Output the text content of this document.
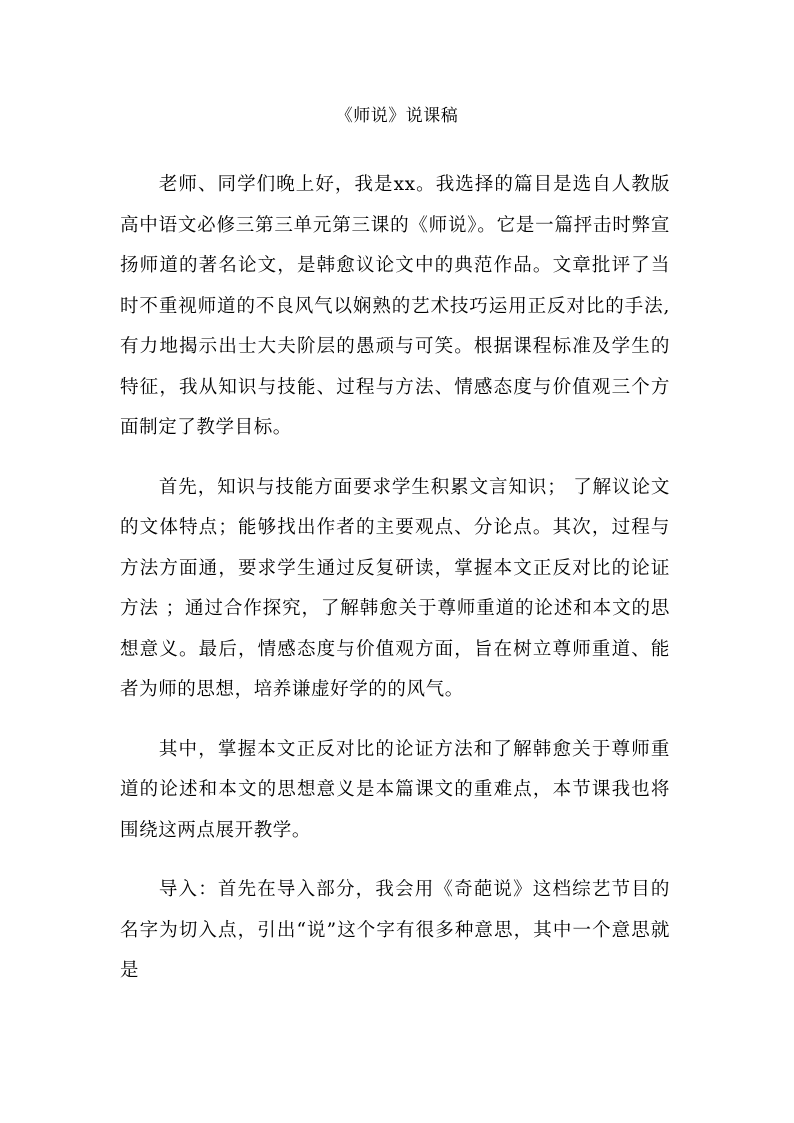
《师说》说课稿

老师、同学们晚上好，我是xx。我选择的篇目是选自人教版高中语文必修三第三单元第三课的《师说》。它是一篇抨击时弊宣扬师道的著名论文，是韩愈议论文中的典范作品。文章批评了当时不重视师道的不良风气以娴熟的艺术技巧运用正反对比的手法,有力地揭示出士大夫阶层的愚顽与可笑。根据课程标准及学生的特征，我从知识与技能、过程与方法、情感态度与价值观三个方面制定了教学目标。

首先，知识与技能方面要求学生积累文言知识； 了解议论文的文体特点；能够找出作者的主要观点、分论点。其次，过程与方法方面通，要求学生通过反复研读，掌握本文正反对比的论证方法 ；通过合作探究，了解韩愈关于尊师重道的论述和本文的思想意义。最后，情感态度与价值观方面，旨在树立尊师重道、能者为师的思想，培养谦虚好学的的风气。

其中，掌握本文正反对比的论证方法和了解韩愈关于尊师重道的论述和本文的思想意义是本篇课文的重难点，本节课我也将围绕这两点展开教学。

导入：首先在导入部分，我会用《奇葩说》这档综艺节目的名字为切入点，引出“说”这个字有很多种意思，其中一个意思就是
